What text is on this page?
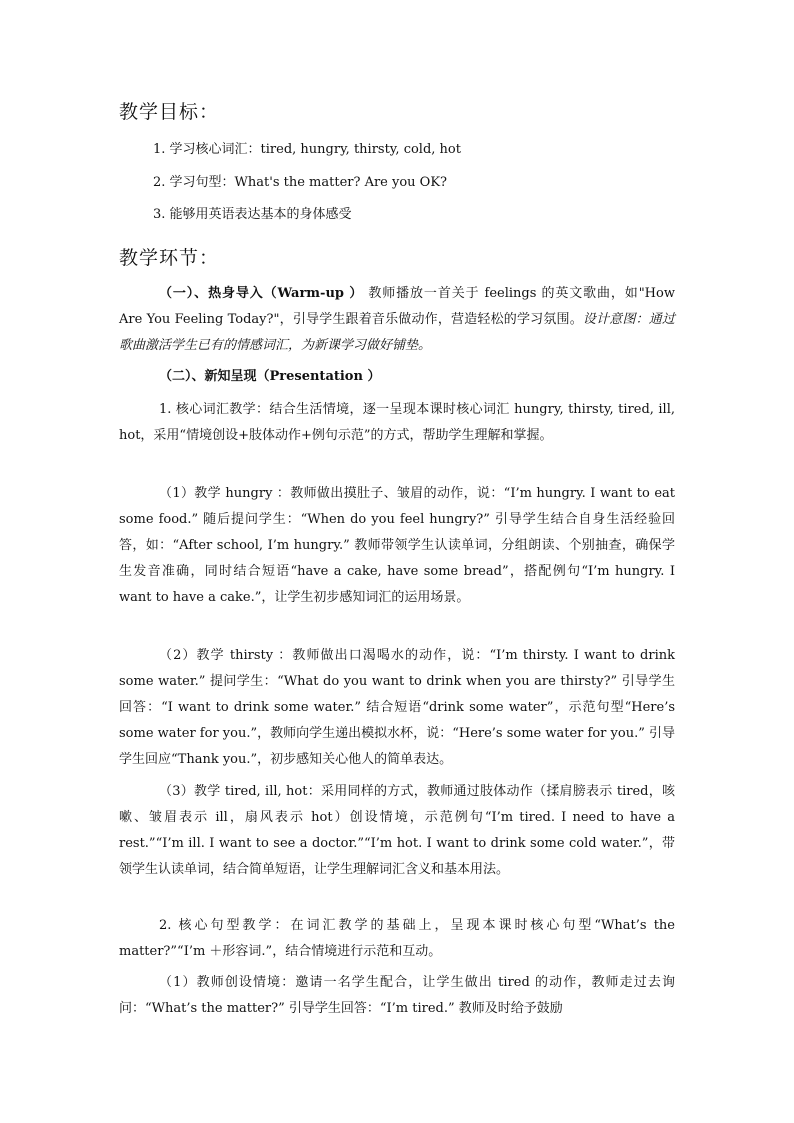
教学目标：

1. 学习核心词汇：tired, hungry, thirsty, cold, hot

2. 学习句型：What's the matter? Are you OK?

3. 能够用英语表达基本的身体感受

教学环节：

（一）、热身导入（Warm-up ） 教师播放一首关于 feelings 的英文歌曲，如"How Are You Feeling Today?"，引导学生跟着音乐做动作，营造轻松的学习氛围。设计意图：通过歌曲激活学生已有的情感词汇，为新课学习做好铺垫。

（二）、新知呈现（Presentation ）

1. 核心词汇教学：结合生活情境，逐一呈现本课时核心词汇 hungry, thirsty, tired, ill, hot，采用“情境创设+肢体动作+例句示范”的方式，帮助学生理解和掌握。

（1）教学 hungry ：教师做出摸肚子、皱眉的动作，说：“I’m hungry. I want to eat some food.” 随后提问学生：“When do you feel hungry?” 引导学生结合自身生活经验回答，如：“After school, I’m hungry.” 教师带领学生认读单词，分组朗读、个别抽查，确保学生发音准确，同时结合短语“have a cake, have some bread”，搭配例句“I’m hungry. I want to have a cake.”，让学生初步感知词汇的运用场景。

（2）教学 thirsty ：教师做出口渴喝水的动作，说：“I’m thirsty. I want to drink some water.” 提问学生：“What do you want to drink when you are thirsty?” 引导学生回答：“I want to drink some water.” 结合短语“drink some water”，示范句型“Here’s some water for you.”，教师向学生递出模拟水杯，说：“Here’s some water for you.” 引导学生回应“Thank you.”，初步感知关心他人的简单表达。

（3）教学 tired, ill, hot：采用同样的方式，教师通过肢体动作（揉肩膀表示 tired，咳嗽、皱眉表示 ill，扇风表示 hot）创设情境，示范例句“I’m tired. I need to have a rest.”“I’m ill. I want to see a doctor.”“I’m hot. I want to drink some cold water.”，带领学生认读单词，结合简单短语，让学生理解词汇含义和基本用法。

2. 核心句型教学：在词汇教学的基础上，呈现本课时核心句型“What’s the matter?”“I’m ＋形容词.”，结合情境进行示范和互动。

（1）教师创设情境：邀请一名学生配合，让学生做出 tired 的动作，教师走过去询问：“What’s the matter?” 引导学生回答：“I’m tired.” 教师及时给予鼓励
